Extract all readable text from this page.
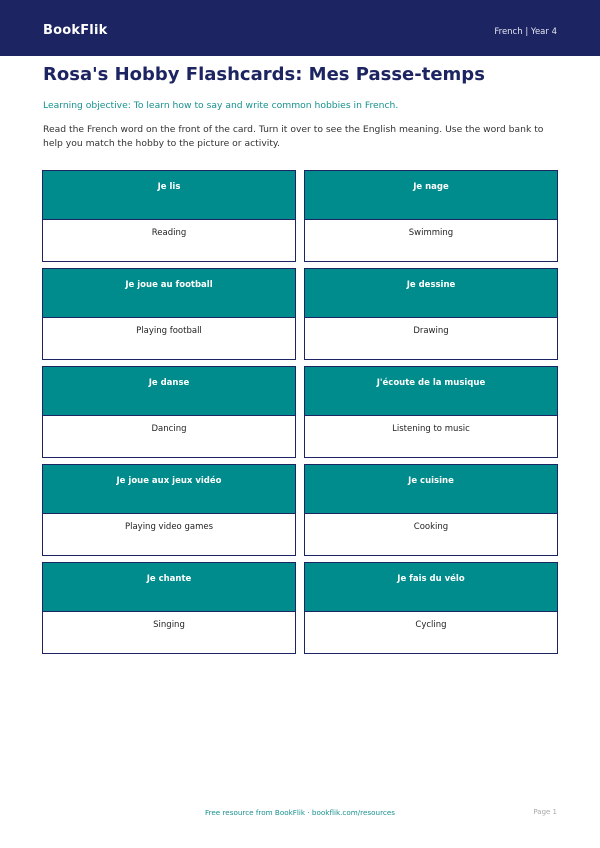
BookFlik	French | Year 4
Rosa's Hobby Flashcards: Mes Passe-temps
Learning objective: To learn how to say and write common hobbies in French.
Read the French word on the front of the card. Turn it over to see the English meaning. Use the word bank to help you match the hobby to the picture or activity.
Je lis
Reading
Je nage
Swimming
Je joue au football
Playing football
Je dessine
Drawing
Je danse
Dancing
J'écoute de la musique
Listening to music
Je joue aux jeux vidéo
Playing video games
Je cuisine
Cooking
Je chante
Singing
Je fais du vélo
Cycling
Free resource from BookFlik · bookflik.com/resources	Page 1
